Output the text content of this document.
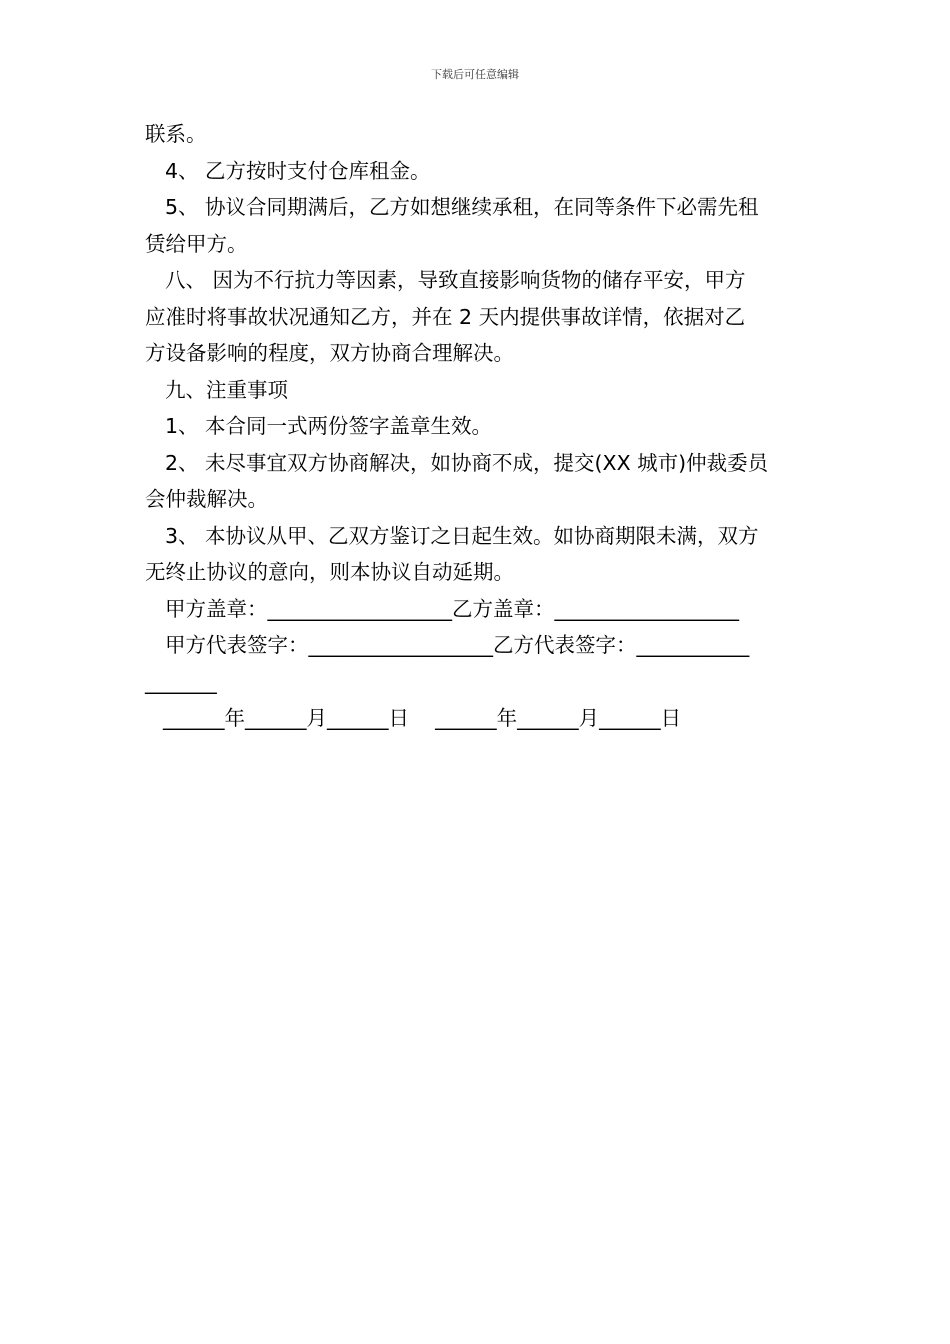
下载后可任意编辑
联系。
4、 乙方按时支付仓库租金。
5、 协议合同期满后，乙方如想继续承租，在同等条件下必需先租
赁给甲方。
八、 因为不行抗力等因素，导致直接影响货物的储存平安，甲方
应准时将事故状况通知乙方，并在 2 天内提供事故详情，依据对乙
方设备影响的程度，双方协商合理解决。
九、注重事项
1、 本合同一式两份签字盖章生效。
2、 未尽事宜双方协商解决，如协商不成，提交(XX 城市)仲裁委员
会仲裁解决。
3、 本协议从甲、乙双方鉴订之日起生效。如协商期限未满，双方
无终止协议的意向，则本协议自动延期。
甲方盖章：__________________乙方盖章：__________________
甲方代表签字：__________________乙方代表签字：___________
_______
______年______月______日    ______年______月______日
